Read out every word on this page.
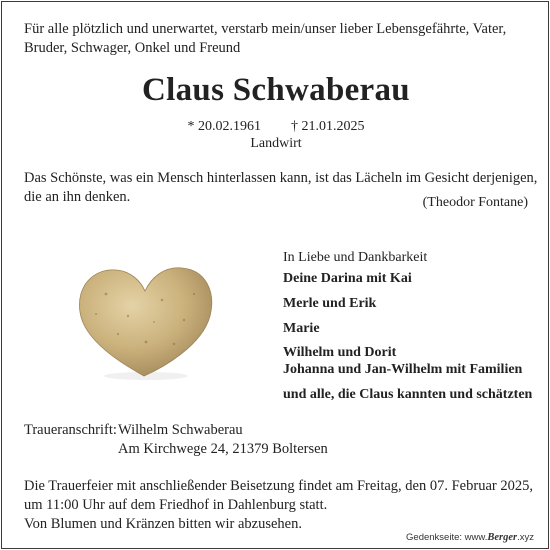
Für alle plötzlich und unerwartet, verstarb mein/unser lieber Lebensgefährte, Vater,
Bruder, Schwager, Onkel und Freund
Claus Schwaberau
* 20.02.1961 † 21.01.2025
Landwirt
Das Schönste, was ein Mensch hinterlassen kann, ist das Lächeln im Gesicht derjenigen,
die an ihn denken.	(Theodor Fontane)
In Liebe und Dankbarkeit
Deine Darina mit Kai
Merle und Erik
Marie
Wilhelm und Dorit
Johanna und Jan-Wilhelm mit Familien
und alle, die Claus kannten und schätzten
Traueranschrift: Wilhelm Schwaberau
Am Kirchwege 24, 21379 Boltersen
Die Trauerfeier mit anschließender Beisetzung findet am Freitag, den 07. Februar 2025,
um 11:00 Uhr auf dem Friedhof in Dahlenburg statt.
Von Blumen und Kränzen bitten wir abzusehen.
Gedenkseite: www.Berger.xyz
